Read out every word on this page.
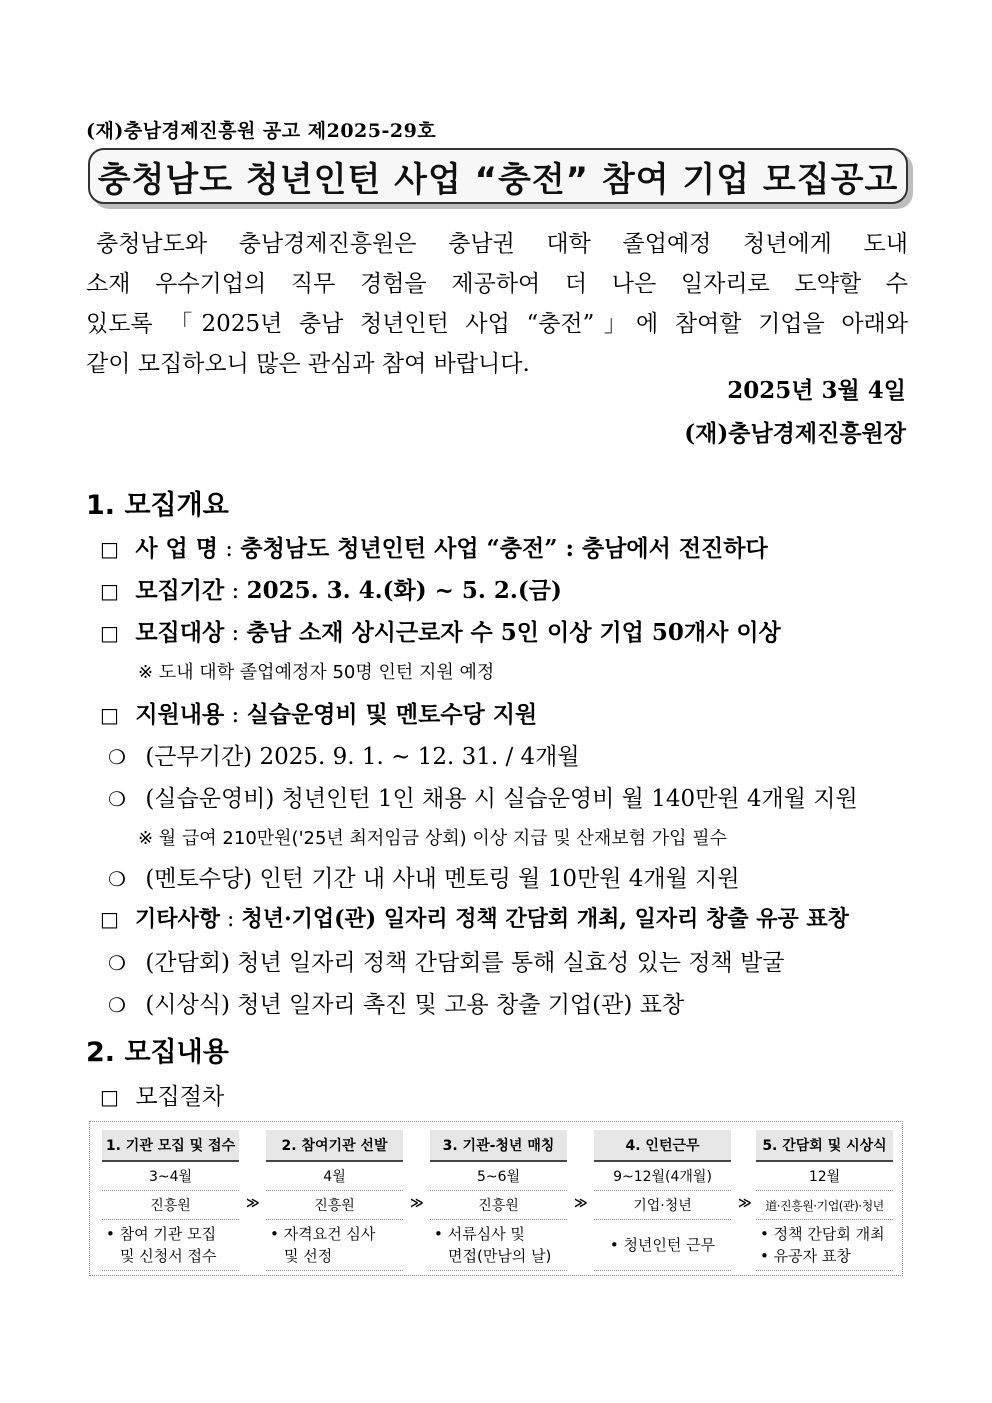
(재)충남경제진흥원 공고 제2025-29호
충청남도 청년인턴 사업 “충전” 참여 기업 모집공고
충청남도와 충남경제진흥원은 충남권 대학 졸업예정 청년에게 도내
소재 우수기업의 직무 경험을 제공하여 더 나은 일자리로 도약할 수
있도록 「2025년 충남 청년인턴 사업 “충전”」에 참여할 기업을 아래와
같이 모집하오니 많은 관심과 참여 바랍니다.
2025년 3월 4일
(재)충남경제진흥원장
1. 모집개요
□ 사 업 명 : 충청남도 청년인턴 사업 “충전” : 충남에서 전진하다
□ 모집기간 : 2025. 3. 4.(화) ~ 5. 2.(금)
□ 모집대상 : 충남 소재 상시근로자 수 5인 이상 기업 50개사 이상
※ 도내 대학 졸업예정자 50명 인턴 지원 예정
□ 지원내용 : 실습운영비 및 멘토수당 지원
❍ (근무기간) 2025. 9. 1. ~ 12. 31. / 4개월
❍ (실습운영비) 청년인턴 1인 채용 시 실습운영비 월 140만원 4개월 지원
※ 월 급여 210만원('25년 최저임금 상회) 이상 지급 및 산재보험 가입 필수
❍ (멘토수당) 인턴 기간 내 사내 멘토링 월 10만원 4개월 지원
□ 기타사항 : 청년·기업(관) 일자리 정책 간담회 개최, 일자리 창출 유공 표창
❍ (간담회) 청년 일자리 정책 간담회를 통해 실효성 있는 정책 발굴
❍ (시상식) 청년 일자리 촉진 및 고용 창출 기업(관) 표창
2. 모집내용
□ 모집절차
1. 기관 모집 및 접수
3~4월
진흥원
• 참여 기관 모집
및 신청서 접수
≫
2. 참여기관 선발
4월
진흥원
• 자격요건 심사
및 선정
≫
3. 기관-청년 매칭
5~6월
진흥원
• 서류심사 및
면접(만남의 날)
≫
4. 인턴근무
9~12월(4개월)
기업·청년
• 청년인턴 근무
≫
5. 간담회 및 시상식
12월
道·진흥원·기업(관)·청년
• 정책 간담회 개최
• 유공자 표창
